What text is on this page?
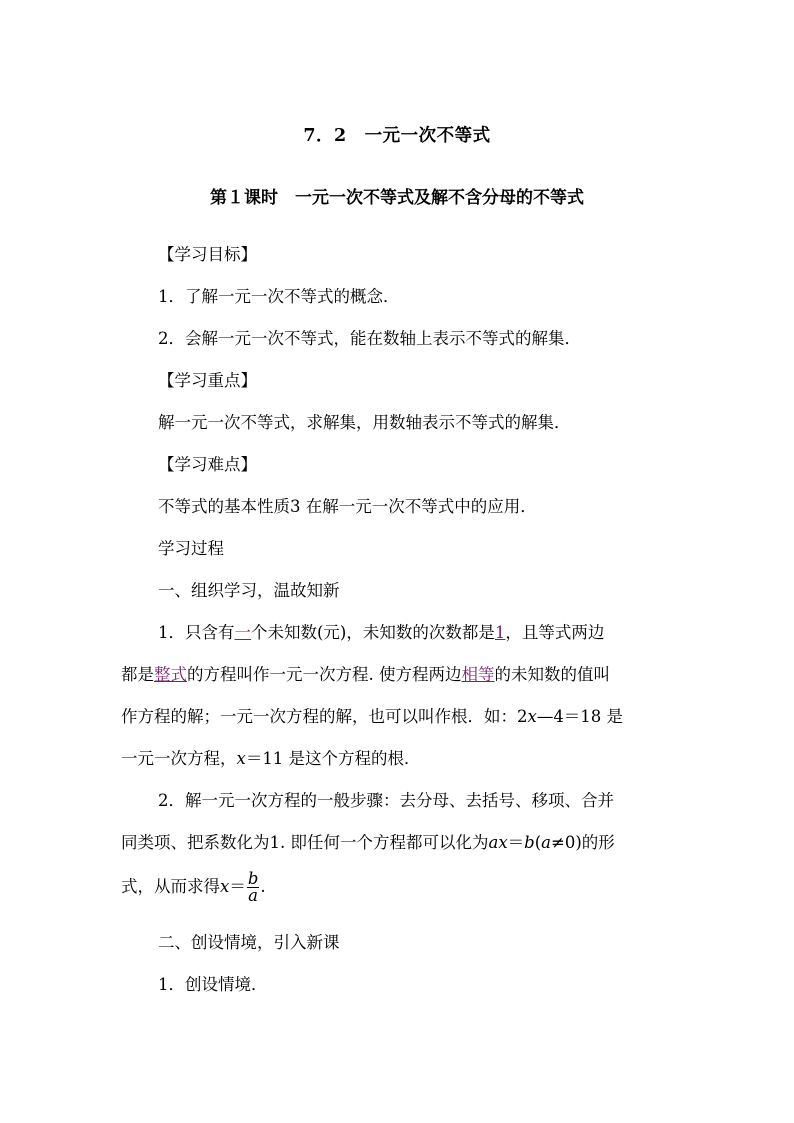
7．2　一元一次不等式
第１课时　一元一次不等式及解不含分母的不等式
【学习目标】
1．了解一元一次不等式的概念．
2．会解一元一次不等式，能在数轴上表示不等式的解集．
【学习重点】
解一元一次不等式，求解集，用数轴表示不等式的解集．
【学习难点】
不等式的基本性质3 在解一元一次不等式中的应用．
学习过程
一、组织学习，温故知新
1．只含有一个未知数(元)，未知数的次数都是1，且等式两边
都是整式的方程叫作一元一次方程. 使方程两边相等的未知数的值叫
作方程的解；一元一次方程的解，也可以叫作根．如：2x—4＝18 是
一元一次方程，x＝11 是这个方程的根．
2．解一元一次方程的一般步骤：去分母、去括号、移项、合并
同类项、把系数化为1. 即任何一个方程都可以化为ax＝b(a≠0)的形
式，从而求得$x= \frac{b}{a}$ .
二、创设情境，引入新课
1．创设情境．
